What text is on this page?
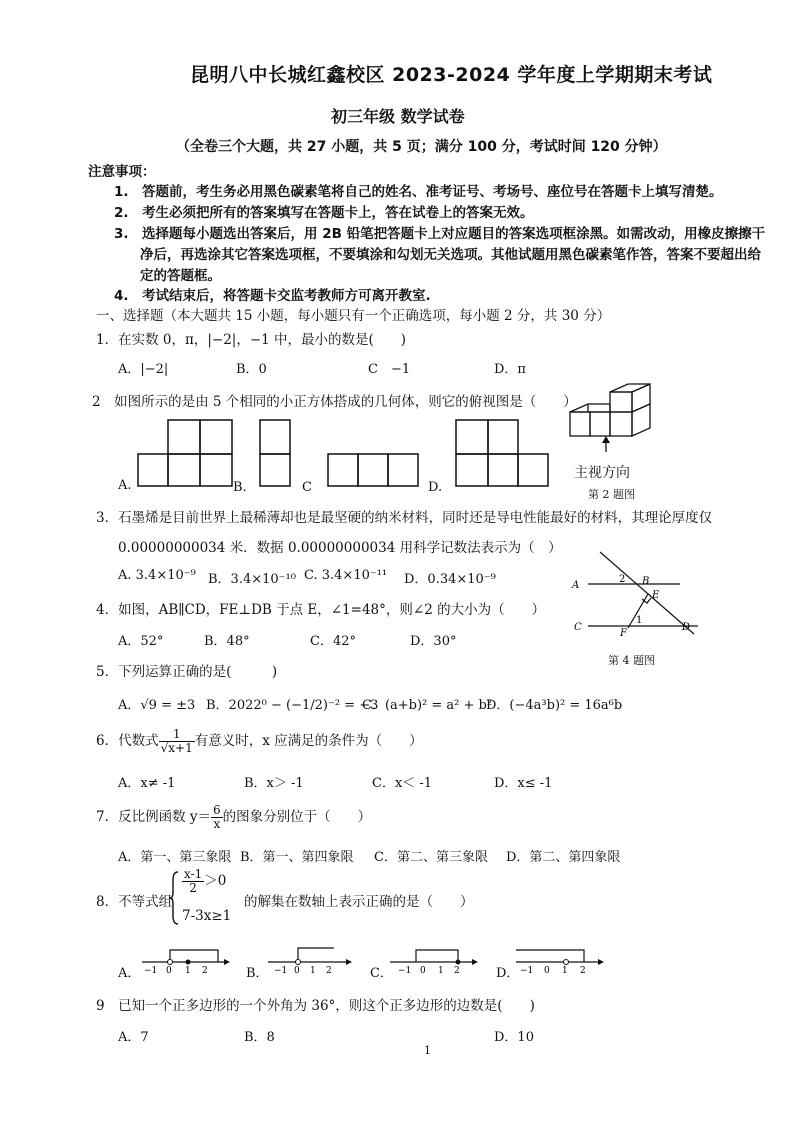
昆明八中长城红鑫校区 2023-2024 学年度上学期期末考试
初三年级 数学试卷
（全卷三个大题，共 27 小题，共 5 页；满分 100 分，考试时间 120 分钟）
注意事项：
1.　答题前，考生务必用黑色碳素笔将自己的姓名、准考证号、考场号、座位号在答题卡上填写清楚。
2.　考生必须把所有的答案填写在答题卡上，答在试卷上的答案无效。
3.　选择题每小题选出答案后，用 2B 铅笔把答题卡上对应题目的答案选项框涂黑。如需改动，用橡皮擦擦干
净后，再选涂其它答案选项框，不要填涂和勾划无关选项。其他试题用黑色碳素笔作答，答案不要超出给
定的答题框。
4.　考试结束后，将答题卡交监考教师方可离开教室.
一、选择题（本大题共 15 小题，每小题只有一个正确选项，每小题 2 分，共 30 分）
1．在实数 0，π，|−2|，−1 中，最小的数是(　　)
A．|−2|	B．0	C　−1	D．π
2　如图所示的是由 5 个相同的小正方体搭成的几何体，则它的俯视图是（　　）
A.	B.	C	D.
主视方向
第 2 题图
3．石墨烯是目前世界上最稀薄却也是最坚硬的纳米材料，同时还是导电性能最好的材料，其理论厚度仅
0.00000000034 米．数据 0.00000000034 用科学记数法表示为（　）
A. 3.4×10⁻⁹ B．3.4×10⁻¹⁰ C. 3.4×10⁻¹¹ D．0.34×10⁻⁹	A	B
2
E
1
C
F
D
第 4 题图
4．如图，AB∥CD，FE⊥DB 于点 E，∠1=48°，则∠2 的大小为（　　）
A．52°	B．48°	C．42°	D．30°
5．下列运算正确的是(　　　)
A．√9 = ±3 B．2022⁰ − (−1/2)⁻² = −3
C．(a+b)² = a² + b²
D．(−4a³b)² = 16a⁶b
6．代数式 $\frac{1}{√x+1}$ 有意义时，x 应满足的条件为（　　）
A．x≠ -1	B．x＞ -1	C．x＜ -1	D．x≤ -1
7．反比例函数 $y= \frac{6}{x}$ 的图象分别位于（　　）
A．第一、第三象限 B．第一、第四象限 C．第二、第三象限 D．第二、第四象限
8．不等式组
$\frac{x-1}{2} >0$
7-3x≥1
的解集在数轴上表示正确的是（　　）
A． −1 0 1 2	B． −1 0 1 2	C． −1 0 1 2	D． −1 0 1 2
9　已知一个正多边形的一个外角为 36°，则这个正多边形的边数是(　　)
A．7	B．8	D．10
1
